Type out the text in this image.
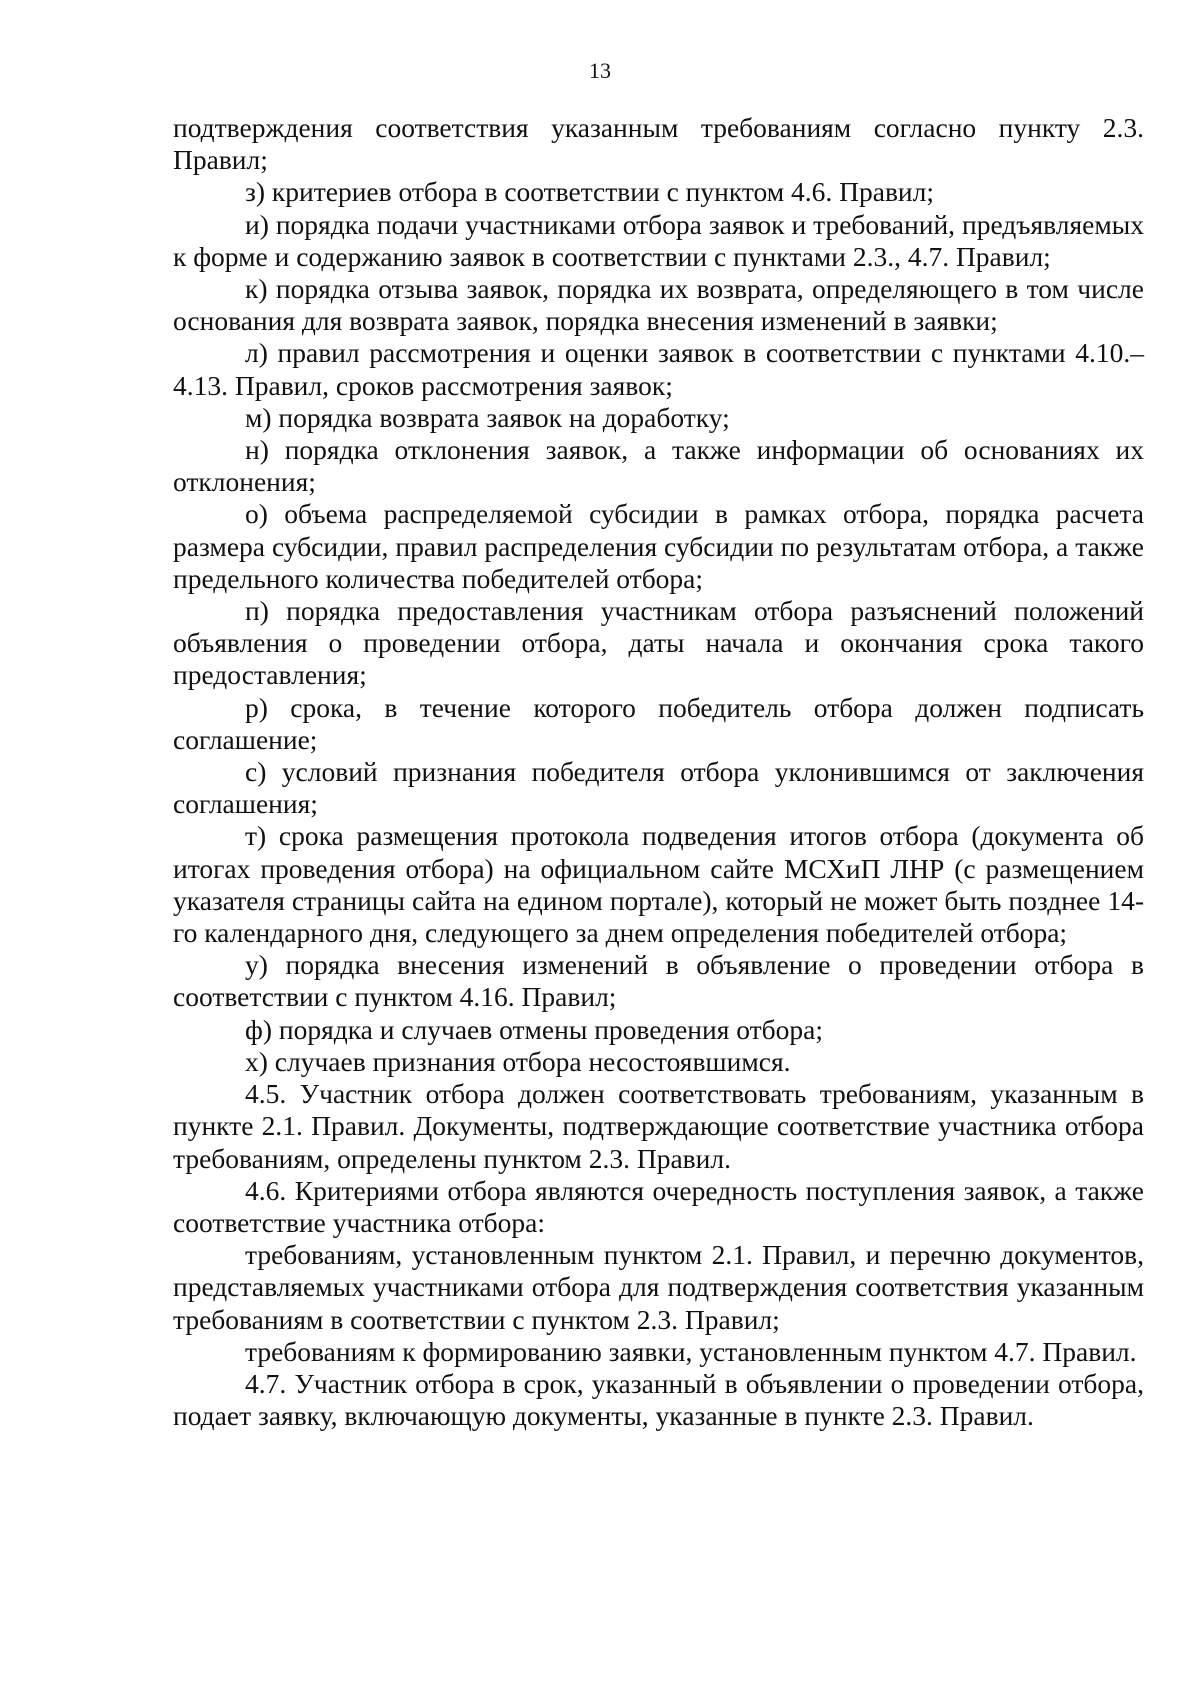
13

подтверждения соответствия указанным требованиям согласно пункту 2.3. Правил;

з) критериев отбора в соответствии с пунктом 4.6. Правил;

и) порядка подачи участниками отбора заявок и требований, предъявляемых к форме и содержанию заявок в соответствии с пунктами 2.3., 4.7. Правил;

к) порядка отзыва заявок, порядка их возврата, определяющего в том числе основания для возврата заявок, порядка внесения изменений в заявки;

л) правил рассмотрения и оценки заявок в соответствии с пунктами 4.10.–4.13. Правил, сроков рассмотрения заявок;

м) порядка возврата заявок на доработку;

н) порядка отклонения заявок, а также информации об основаниях их отклонения;

о) объема распределяемой субсидии в рамках отбора, порядка расчета размера субсидии, правил распределения субсидии по результатам отбора, а также предельного количества победителей отбора;

п) порядка предоставления участникам отбора разъяснений положений объявления о проведении отбора, даты начала и окончания срока такого предоставления;

р) срока, в течение которого победитель отбора должен подписать соглашение;

с) условий признания победителя отбора уклонившимся от заключения соглашения;

т) срока размещения протокола подведения итогов отбора (документа об итогах проведения отбора) на официальном сайте МСХиП ЛНР (с размещением указателя страницы сайта на едином портале), который не может быть позднее 14-го календарного дня, следующего за днем определения победителей отбора;

у) порядка внесения изменений в объявление о проведении отбора в соответствии с пунктом 4.16. Правил;

ф) порядка и случаев отмены проведения отбора;

х) случаев признания отбора несостоявшимся.

4.5. Участник отбора должен соответствовать требованиям, указанным в пункте 2.1. Правил. Документы, подтверждающие соответствие участника отбора требованиям, определены пунктом 2.3. Правил.

4.6. Критериями отбора являются очередность поступления заявок, а также соответствие участника отбора:

требованиям, установленным пунктом 2.1. Правил, и перечню документов, представляемых участниками отбора для подтверждения соответствия указанным требованиям в соответствии с пунктом 2.3. Правил;

требованиям к формированию заявки, установленным пунктом 4.7. Правил.

4.7. Участник отбора в срок, указанный в объявлении о проведении отбора, подает заявку, включающую документы, указанные в пункте 2.3. Правил.
